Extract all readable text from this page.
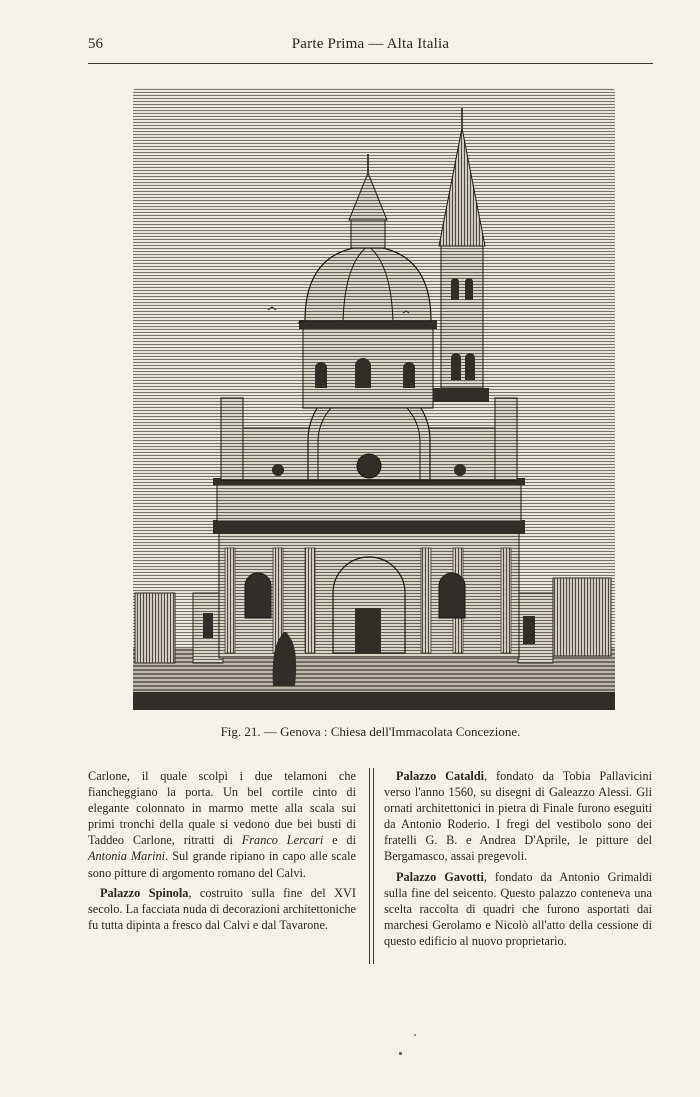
56	Parte Prima — Alta Italia
Fig. 21. — Genova : Chiesa dell'Immacolata Concezione.

Carlone, il quale scolpì i due telamoni che fiancheggiano la porta. Un bel cortile cinto di elegante colonnato in marmo mette alla scala sui primi tronchi della quale si vedono due bei busti di Taddeo Carlone, ritratti di Franco Lercari e di Antonia Marini. Sul grande ripiano in capo alle scale sono pitture di argomento romano del Calvi.

Palazzo Spinola, costruito sulla fine del XVI secolo. La facciata nuda di decorazioni architettoniche fu tutta dipinta a fresco dal Calvi e dal Tavarone.

Palazzo Cataldi, fondato da Tobia Pallavicini verso l'anno 1560, su disegni di Galeazzo Alessi. Gli ornati architettonici in pietra di Finale furono eseguiti da Antonio Roderio. I fregi del vestibolo sono dei fratelli G. B. e Andrea D'Aprile, le pitture del Bergamasco, assai pregevoli.

Palazzo Gavotti, fondato da Antonio Grimaldi sulla fine del seicento. Questo palazzo conteneva una scelta raccolta di quadri che furono asportati dai marchesi Gerolamo e Nicolò all'atto della cessione di questo edificio al nuovo proprietario.
